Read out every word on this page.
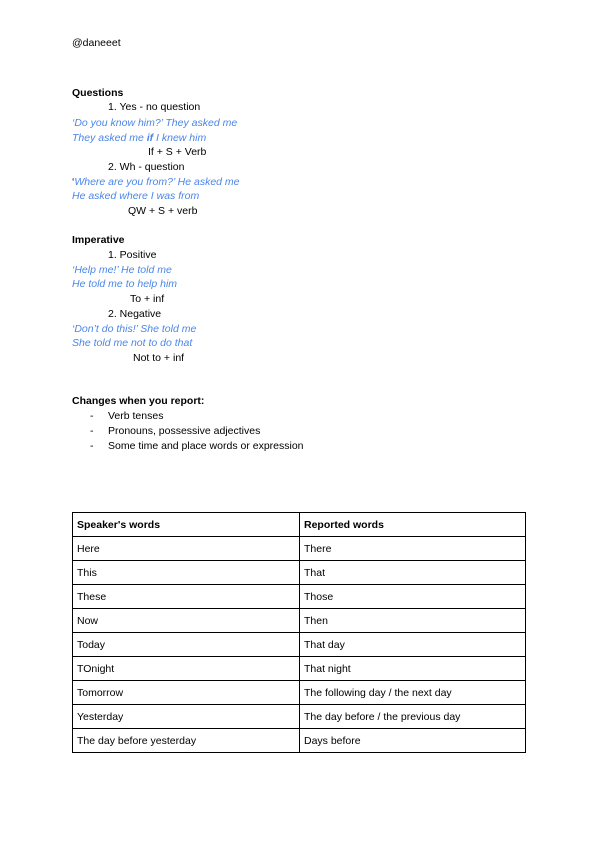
@daneeet
Questions
1. Yes - no question
‘Do you know him?’ They asked me
They asked me if I knew him
If + S + Verb
2. Wh - question
‘Where are you from?’ He asked me
He asked where I was from
QW + S + verb
Imperative
1. Positive
‘Help me!’ He told me
He told me to help him
To + inf
2. Negative
‘Don’t do this!’ She told me
She told me not to do that
Not to + inf
Changes when you report:
- Verb tenses
- Pronouns, possessive adjectives
- Some time and place words or expression
Speaker's words	Reported words
Here	There
This	That
These	Those
Now	Then
Today	That day
TOnight	That night
Tomorrow	The following day / the next day
Yesterday	The day before / the previous day
The day before yesterday	Days before
